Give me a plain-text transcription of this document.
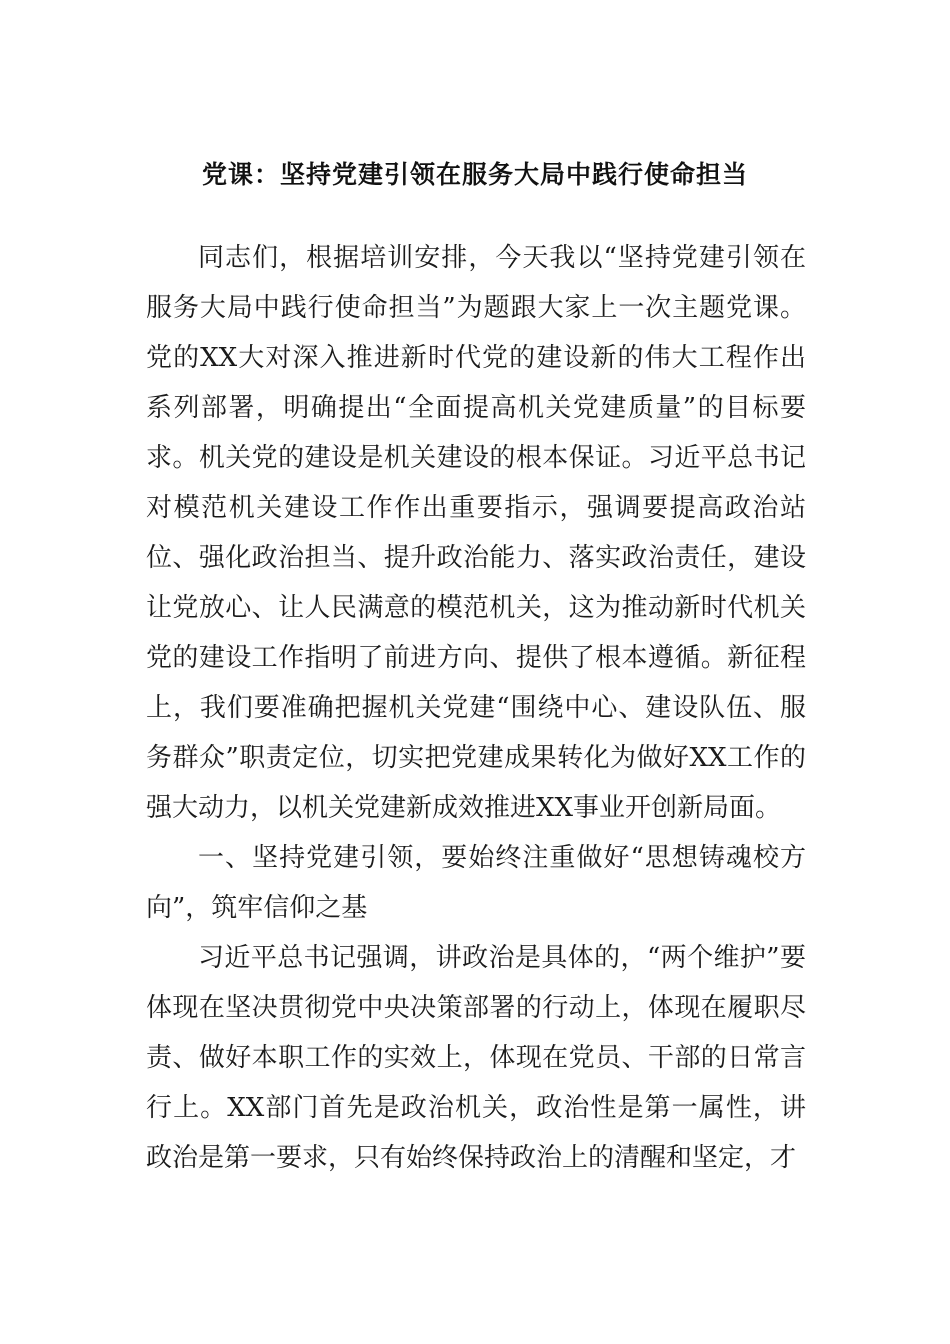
党课：坚持党建引领在服务大局中践行使命担当

同志们，根据培训安排，今天我以“坚持党建引领在服务大局中践行使命担当”为题跟大家上一次主题党课。党的XX大对深入推进新时代党的建设新的伟大工程作出系列部署，明确提出“全面提高机关党建质量”的目标要求。机关党的建设是机关建设的根本保证。习近平总书记对模范机关建设工作作出重要指示，强调要提高政治站位、强化政治担当、提升政治能力、落实政治责任，建设让党放心、让人民满意的模范机关，这为推动新时代机关党的建设工作指明了前进方向、提供了根本遵循。新征程上，我们要准确把握机关党建“围绕中心、建设队伍、服务群众”职责定位，切实把党建成果转化为做好XX工作的强大动力，以机关党建新成效推进XX事业开创新局面。

一、坚持党建引领，要始终注重做好“思想铸魂校方向”，筑牢信仰之基

习近平总书记强调，讲政治是具体的，“两个维护”要体现在坚决贯彻党中央决策部署的行动上，体现在履职尽责、做好本职工作的实效上，体现在党员、干部的日常言行上。XX部门首先是政治机关，政治性是第一属性，讲政治是第一要求，只有始终保持政治上的清醒和坚定，才
